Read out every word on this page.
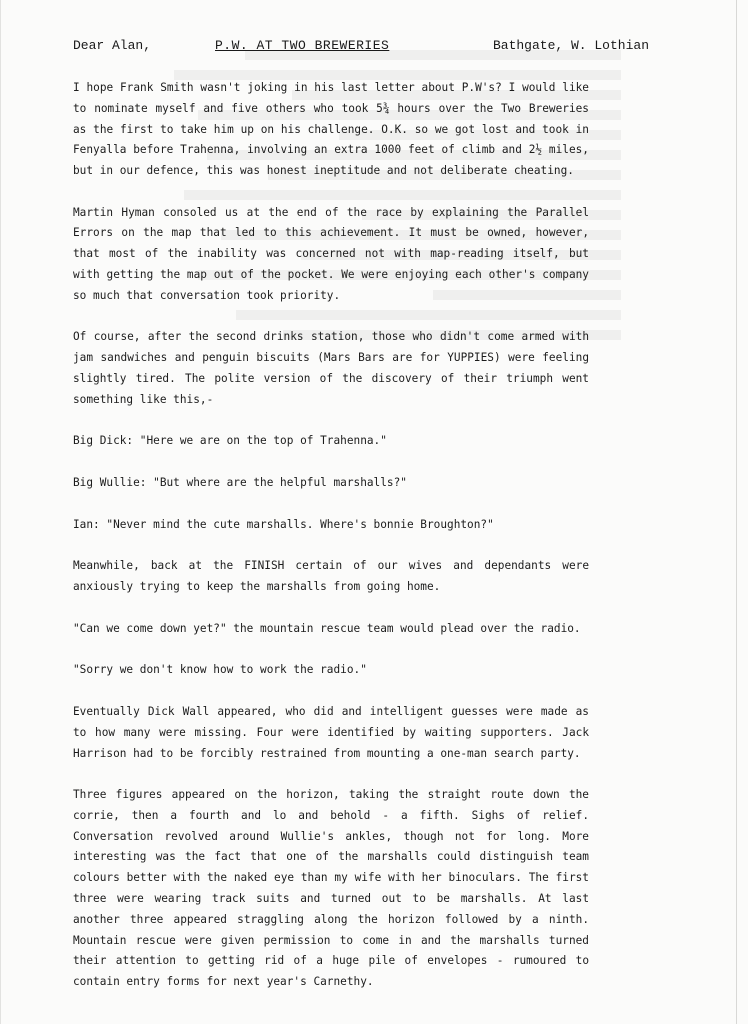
Dear Alan,	P.W. AT TWO BREWERIES	Bathgate, W. Lothian

I hope Frank Smith wasn't joking in his last letter about P.W's? I would like to nominate myself and five others who took 5¾ hours over the Two Breweries as the first to take him up on his challenge. O.K. so we got lost and took in Fenyalla before Trahenna, involving an extra 1000 feet of climb and 2½ miles, but in our defence, this was honest ineptitude and not deliberate cheating.

Martin Hyman consoled us at the end of the race by explaining the Parallel Errors on the map that led to this achievement. It must be owned, however, that most of the inability was concerned not with map-reading itself, but with getting the map out of the pocket. We were enjoying each other's company so much that conversation took priority.

Of course, after the second drinks station, those who didn't come armed with jam sandwiches and penguin biscuits (Mars Bars are for YUPPIES) were feeling slightly tired. The polite version of the discovery of their triumph went something like this,-

Big Dick: "Here we are on the top of Trahenna."

Big Wullie: "But where are the helpful marshalls?"

Ian: "Never mind the cute marshalls. Where's bonnie Broughton?"

Meanwhile, back at the FINISH certain of our wives and dependants were anxiously trying to keep the marshalls from going home.

"Can we come down yet?" the mountain rescue team would plead over the radio.

"Sorry we don't know how to work the radio."

Eventually Dick Wall appeared, who did and intelligent guesses were made as to how many were missing. Four were identified by waiting supporters. Jack Harrison had to be forcibly restrained from mounting a one-man search party.

Three figures appeared on the horizon, taking the straight route down the corrie, then a fourth and lo and behold - a fifth. Sighs of relief. Conversation revolved around Wullie's ankles, though not for long. More interesting was the fact that one of the marshalls could distinguish team colours better with the naked eye than my wife with her binoculars. The first three were wearing track suits and turned out to be marshalls. At last another three appeared straggling along the horizon followed by a ninth. Mountain rescue were given permission to come in and the marshalls turned their attention to getting rid of a huge pile of envelopes - rumoured to contain entry forms for next year's Carnethy.
